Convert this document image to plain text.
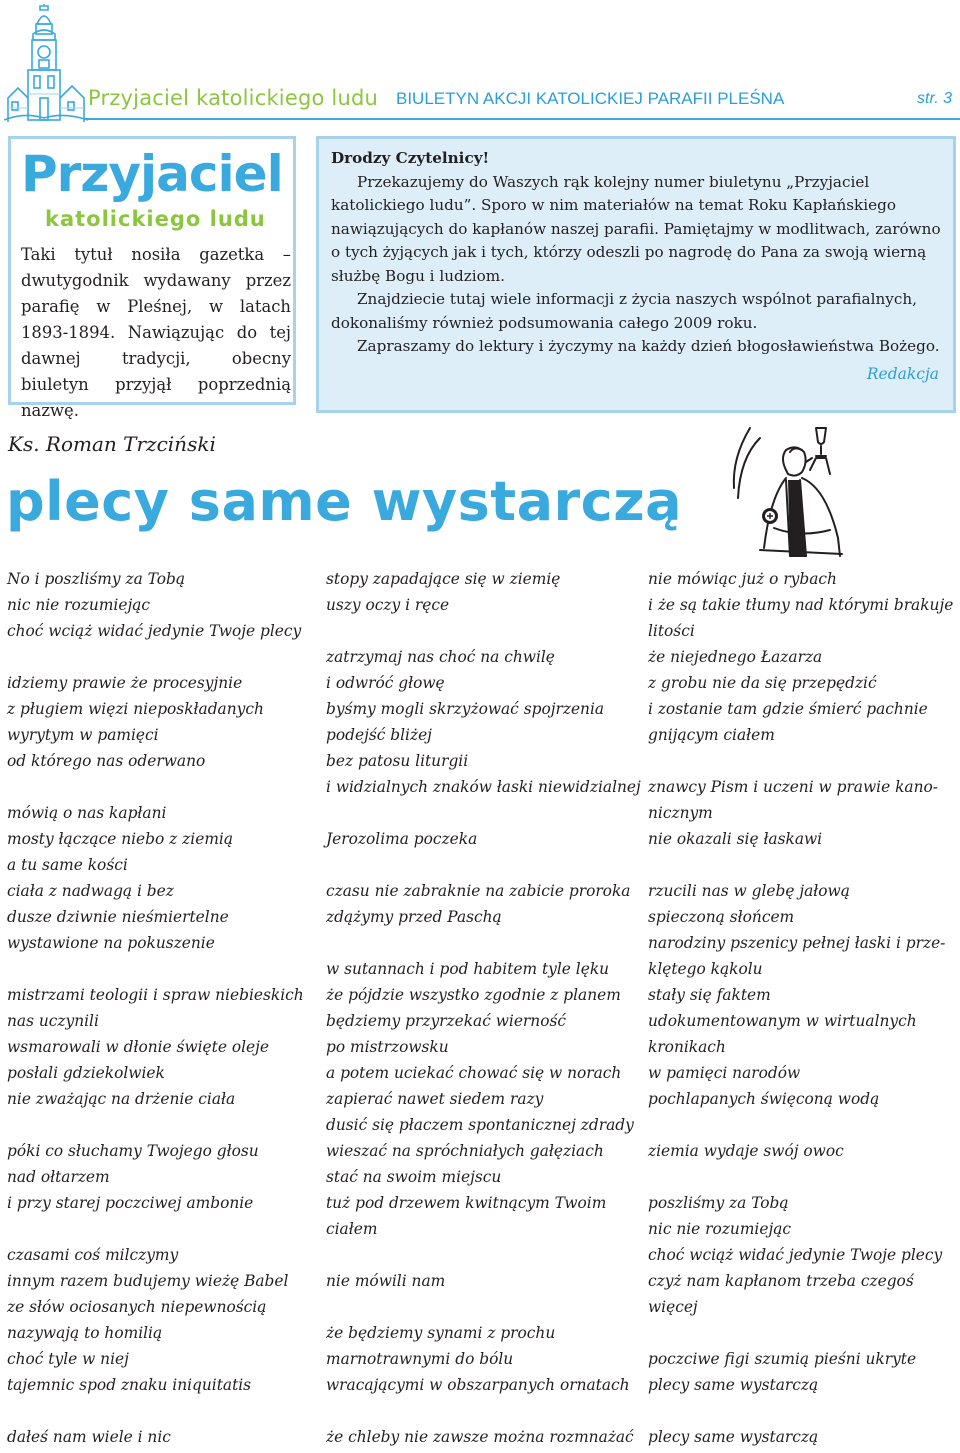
Przyjaciel katolickiego ludu BIULETYN AKCJI KATOLICKIEJ PARAFII PLEŚNA	str. 3
Przyjaciel
katolickiego ludu
Taki tytuł nosiła gazetka – dwutygodnik wydawany przez parafię w Pleśnej, w latach 1893-1894. Nawiązując do tej dawnej tradycji, obecny biuletyn przyjął poprzednią nazwę.

Drodzy Czytelnicy!

Przekazujemy do Waszych rąk kolejny numer biuletynu „Przyjaciel katolickiego ludu”. Sporo w nim materiałów na temat Roku Kapłańskiego nawiązujących do kapłanów naszej parafii. Pamiętajmy w modlitwach, zarówno o tych żyjących jak i tych, którzy odeszli po nagrodę do Pana za swoją wierną służbę Bogu i ludziom.

Znajdziecie tutaj wiele informacji z życia naszych wspólnot parafialnych, dokonaliśmy również podsumowania całego 2009 roku.

Zapraszamy do lektury i życzymy na każdy dzień błogosławieństwa Bożego.

Redakcja
Ks. Roman Trzciński
plecy same wystarczą
No i poszliśmy za Tobą
nic nie rozumiejąc
choć wciąż widać jedynie Twoje plecy
idziemy prawie że procesyjnie
z pługiem więzi nieposkładanych
wyrytym w pamięci
od którego nas oderwano
mówią o nas kapłani
mosty łączące niebo z ziemią
a tu same kości
ciała z nadwagą i bez
dusze dziwnie nieśmiertelne
wystawione na pokuszenie
mistrzami teologii i spraw niebieskich
nas uczynili
wsmarowali w dłonie święte oleje
posłali gdziekolwiek
nie zważając na drżenie ciała
póki co słuchamy Twojego głosu
nad ołtarzem
i przy starej poczciwej ambonie
czasami coś milczymy
innym razem budujemy wieżę Babel
ze słów ociosanych niepewnością
nazywają to homilią
choć tyle w niej
tajemnic spod znaku iniquitatis
dałeś nam wiele i nic
stopy zapadające się w ziemię
uszy oczy i ręce
zatrzymaj nas choć na chwilę
i odwróć głowę
byśmy mogli skrzyżować spojrzenia
podejść bliżej
bez patosu liturgii
i widzialnych znaków łaski niewidzialnej
Jerozolima poczeka
czasu nie zabraknie na zabicie proroka
zdążymy przed Paschą
w sutannach i pod habitem tyle lęku
że pójdzie wszystko zgodnie z planem
będziemy przyrzekać wierność
po mistrzowsku
a potem uciekać chować się w norach
zapierać nawet siedem razy
dusić się płaczem spontanicznej zdrady
wieszać na spróchniałych gałęziach
stać na swoim miejscu
tuż pod drzewem kwitnącym Twoim
ciałem
nie mówili nam
że będziemy synami z prochu
marnotrawnymi do bólu
wracającymi w obszarpanych ornatach
że chleby nie zawsze można rozmnażać
nie mówiąc już o rybach
i że są takie tłumy nad którymi brakuje
litości
że niejednego Łazarza
z grobu nie da się przepędzić
i zostanie tam gdzie śmierć pachnie
gnijącym ciałem
znawcy Pism i uczeni w prawie kano-
nicznym
nie okazali się łaskawi
rzucili nas w glebę jałową
spieczoną słońcem
narodziny pszenicy pełnej łaski i prze-
klętego kąkolu
stały się faktem
udokumentowanym w wirtualnych
kronikach
w pamięci narodów
pochlapanych święconą wodą
ziemia wydaje swój owoc
poszliśmy za Tobą
nic nie rozumiejąc
choć wciąż widać jedynie Twoje plecy
czyż nam kapłanom trzeba czegoś
więcej
poczciwe figi szumią pieśni ukryte
plecy same wystarczą
plecy same wystarczą
